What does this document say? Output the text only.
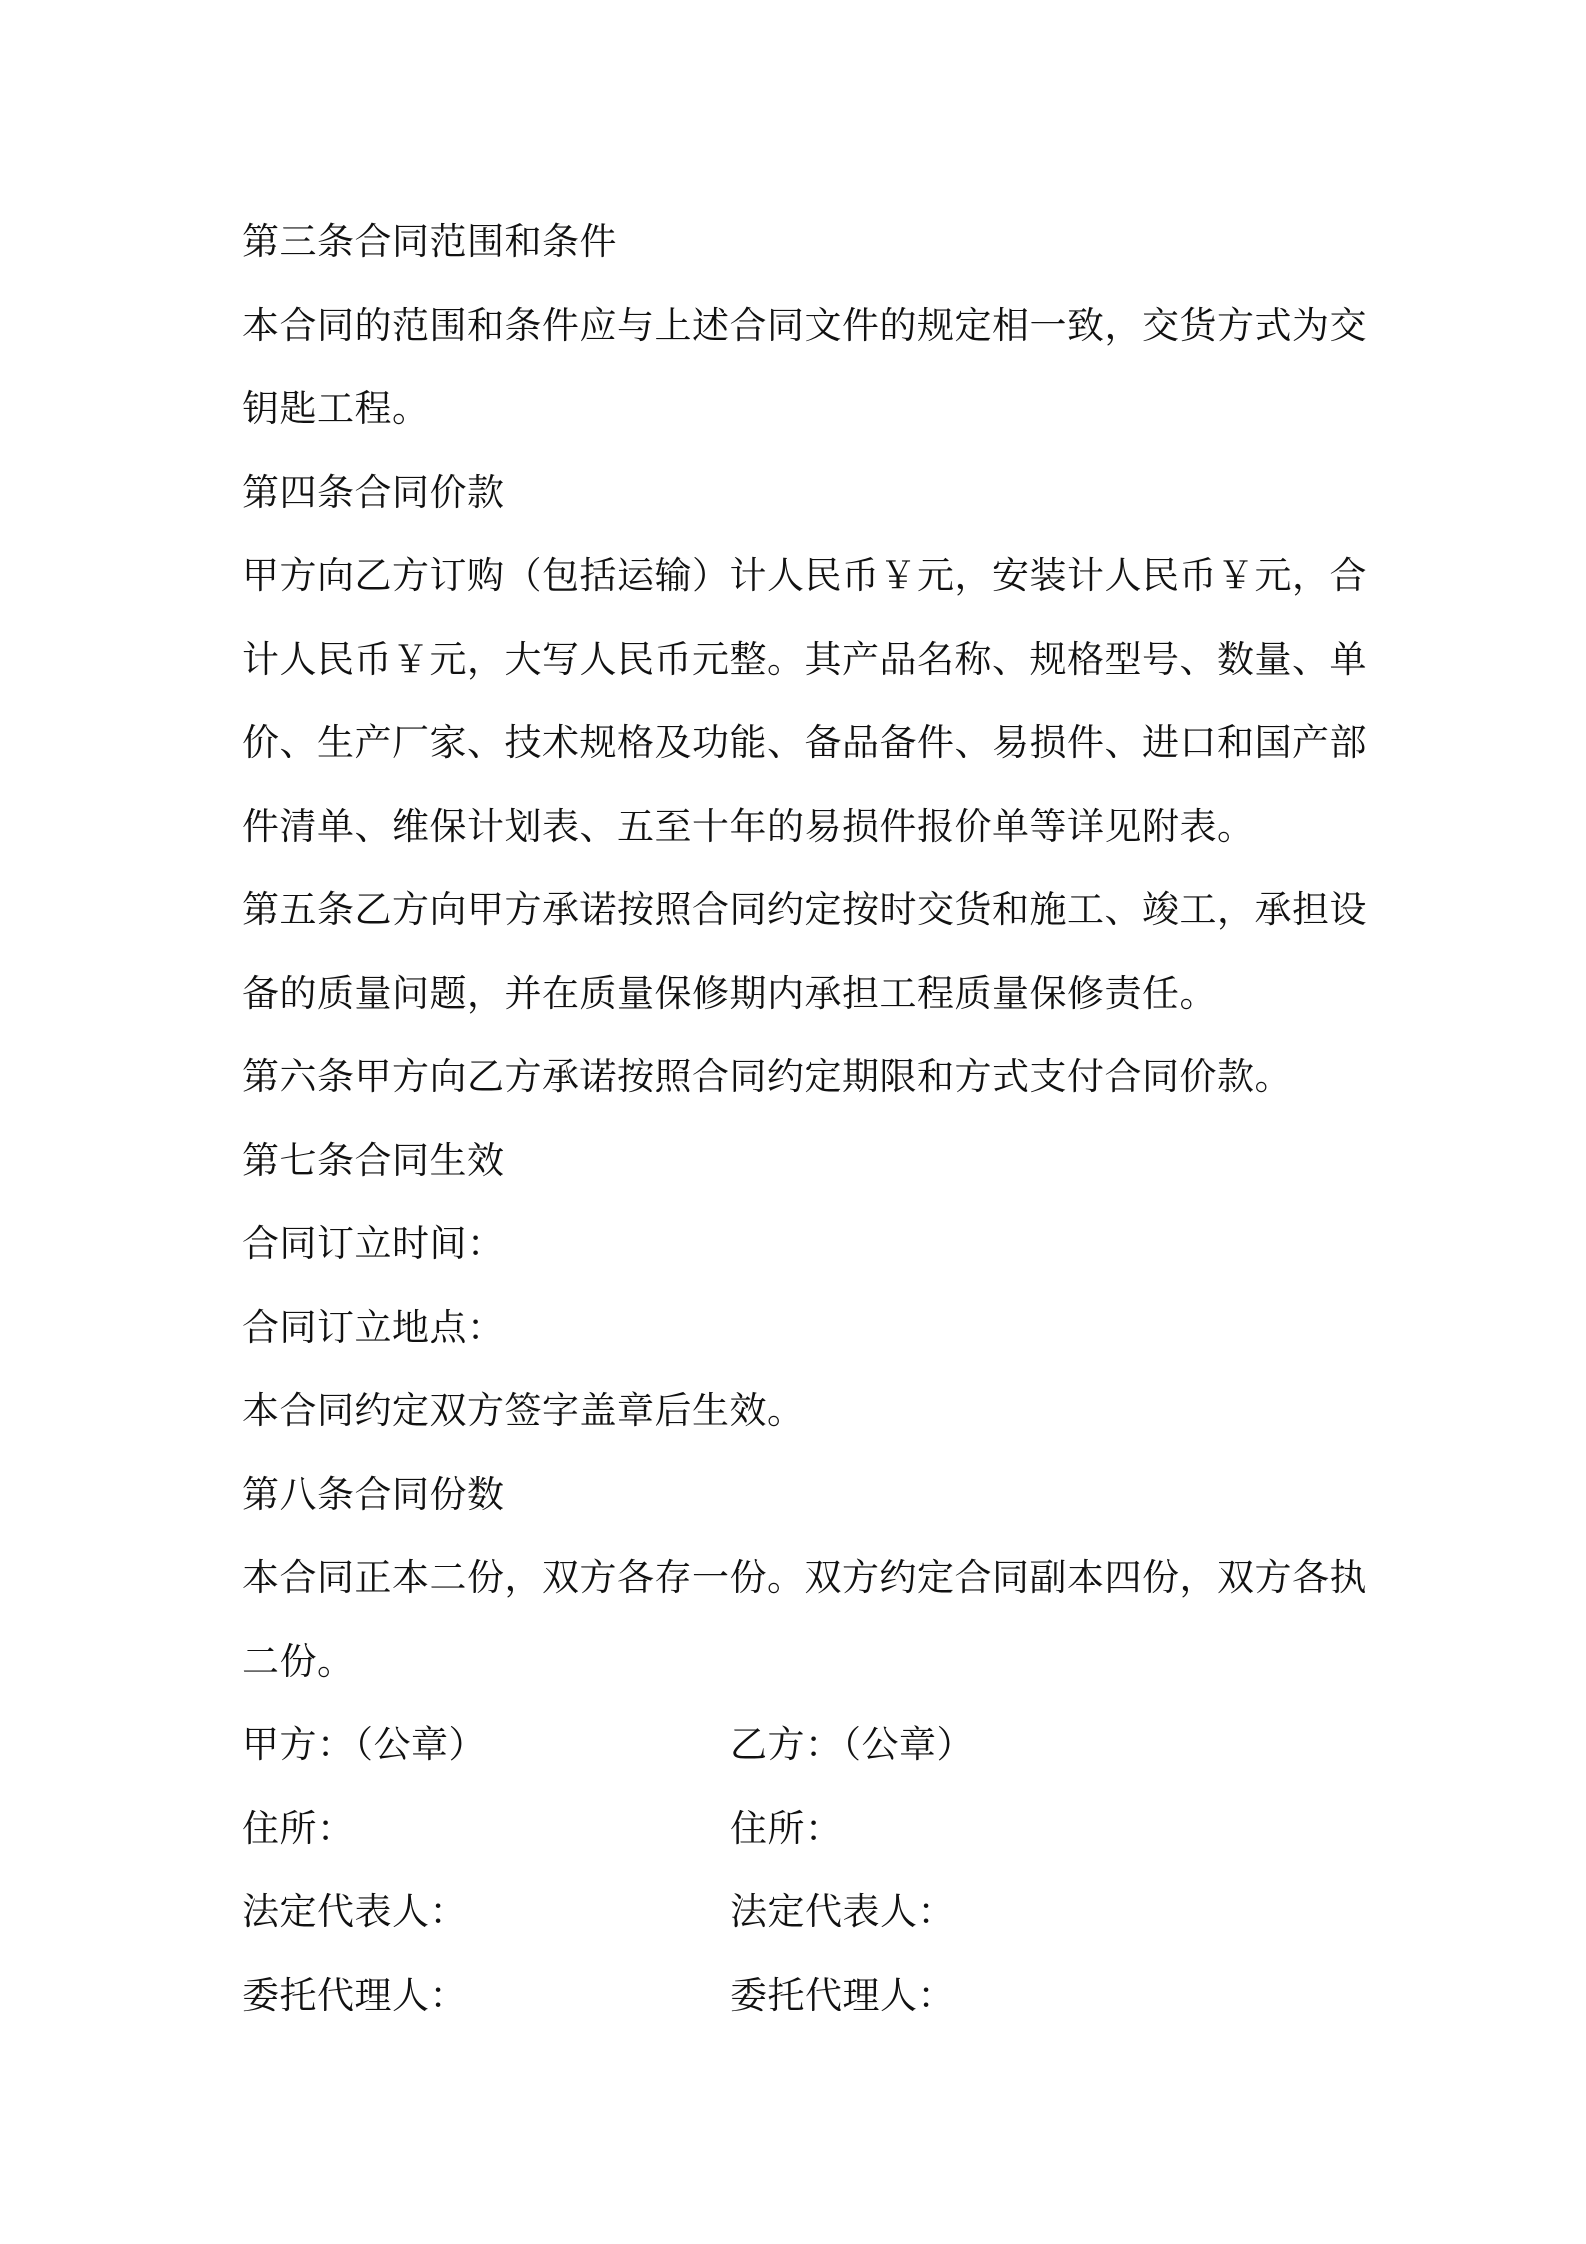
第三条合同范围和条件
本合同的范围和条件应与上述合同文件的规定相一致，交货方式为交
钥匙工程。
第四条合同价款
甲方向乙方订购（包括运输）计人民币￥元，安装计人民币￥元，合
计人民币￥元，大写人民币元整。其产品名称、规格型号、数量、单
价、生产厂家、技术规格及功能、备品备件、易损件、进口和国产部
件清单、维保计划表、五至十年的易损件报价单等详见附表。
第五条乙方向甲方承诺按照合同约定按时交货和施工、竣工，承担设
备的质量问题，并在质量保修期内承担工程质量保修责任。
第六条甲方向乙方承诺按照合同约定期限和方式支付合同价款。
第七条合同生效
合同订立时间：
合同订立地点：
本合同约定双方签字盖章后生效。
第八条合同份数
本合同正本二份，双方各存一份。双方约定合同副本四份，双方各执
二份。
甲方：（公章）	乙方：（公章）
住所：	住所：
法定代表人：	法定代表人：
委托代理人：	委托代理人：
